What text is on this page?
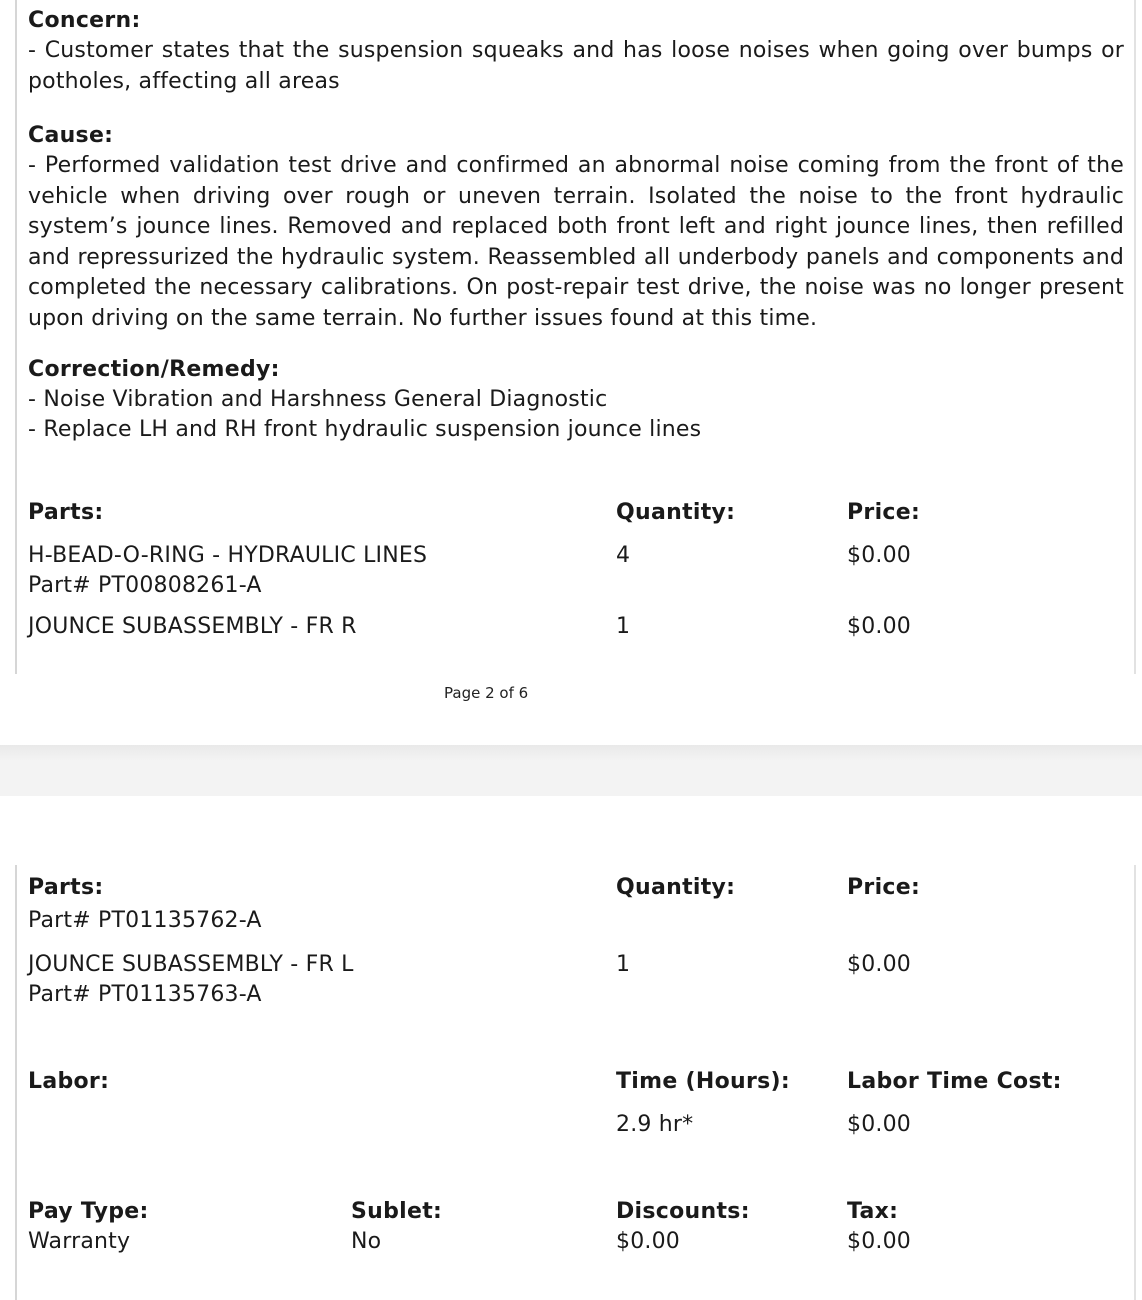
Concern:
- Customer states that the suspension squeaks and has loose noises when going over bumps or potholes, affecting all areas
Cause:
- Performed validation test drive and confirmed an abnormal noise coming from the front of the vehicle when driving over rough or uneven terrain. Isolated the noise to the front hydraulic system’s jounce lines. Removed and replaced both front left and right jounce lines, then refilled and repressurized the hydraulic system. Reassembled all underbody panels and components and completed the necessary calibrations. On post-repair test drive, the noise was no longer present upon driving on the same terrain. No further issues found at this time.
Correction/Remedy:
- Noise Vibration and Harshness General Diagnostic
- Replace LH and RH front hydraulic suspension jounce lines
Parts:	Quantity:	Price:
H-BEAD-O-RING - HYDRAULIC LINES
Part# PT00808261-A
4	$0.00
JOUNCE SUBASSEMBLY - FR R	1	$0.00
Page 2 of 6
Parts:	Quantity:	Price:
Part# PT01135762-A
JOUNCE SUBASSEMBLY - FR L
Part# PT01135763-A
1	$0.00
Labor:	Time (Hours):	Labor Time Cost:
2.9 hr*	$0.00
Pay Type:
Warranty
Sublet:
No
Discounts:
$0.00
Tax:
$0.00
